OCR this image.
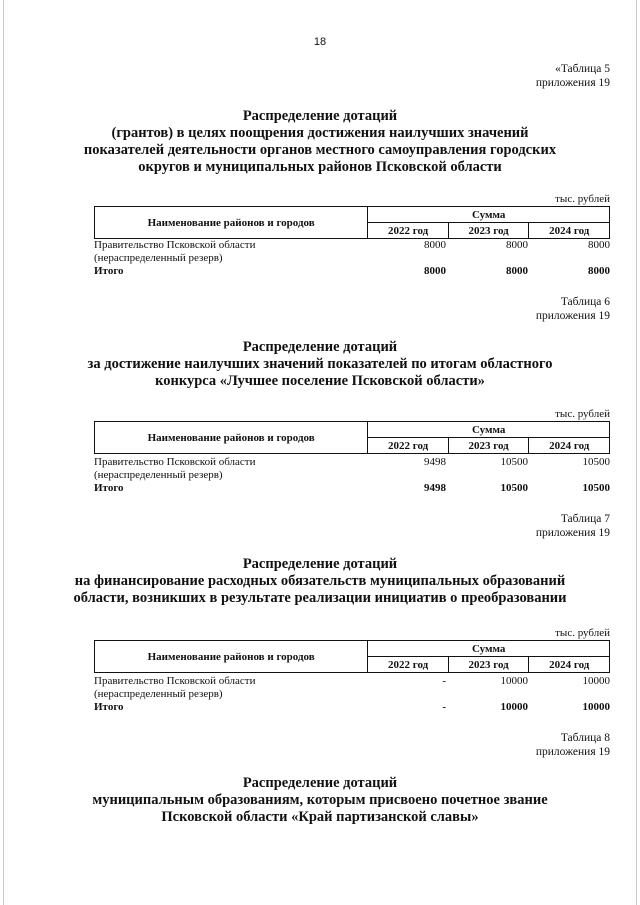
18
«Таблица 5
приложения 19
Распределение дотаций
(грантов) в целях поощрения достижения наилучших значений
показателей деятельности органов местного самоуправления городских
округов и муниципальных районов Псковской области
тыс. рублей
Наименование районов и городов	Сумма		
	2022 год	2023 год	2024 год
Правительство Псковской области	8000	8000	8000
(нераспределенный резерв)			
Итого	8000	8000	8000
Таблица 6
приложения 19
Распределение дотаций
за достижение наилучших значений показателей по итогам областного
конкурса «Лучшее поселение Псковской области»
тыс. рублей
Наименование районов и городов	Сумма		
	2022 год	2023 год	2024 год
Правительство Псковской области	9498	10500	10500
(нераспределенный резерв)			
Итого	9498	10500	10500
Таблица 7
приложения 19
Распределение дотаций
на финансирование расходных обязательств муниципальных образований
области, возникших в результате реализации инициатив о преобразовании
тыс. рублей
Наименование районов и городов	Сумма		
	2022 год	2023 год	2024 год
Правительство Псковской области	-	10000	10000
(нераспределенный резерв)			
Итого	-	10000	10000
Таблица 8
приложения 19
Распределение дотаций
муниципальным образованиям, которым присвоено почетное звание
Псковской области «Край партизанской славы»
